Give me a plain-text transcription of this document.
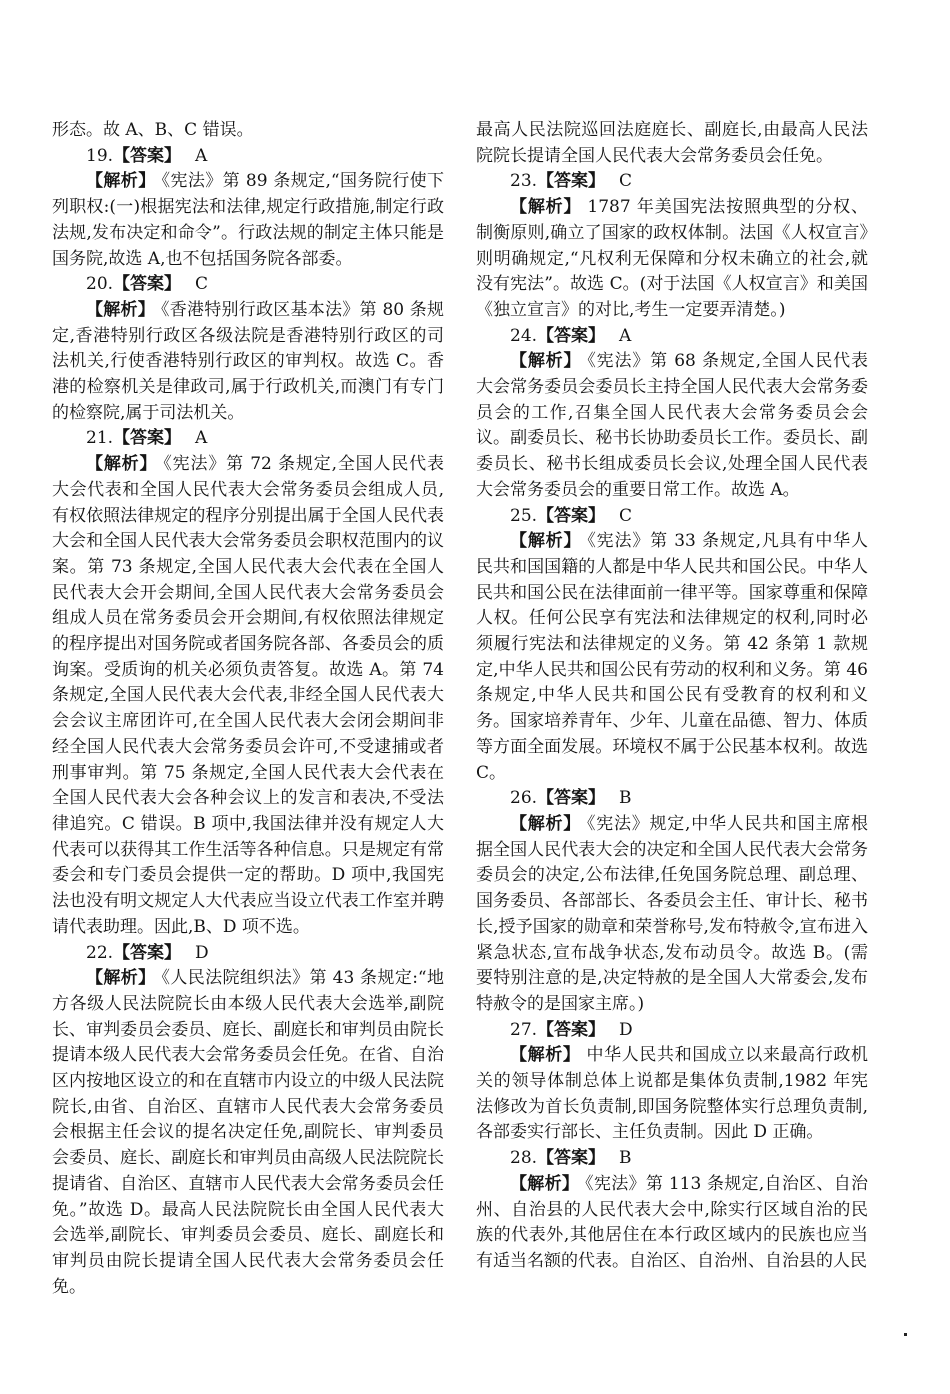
形态。故 A、B、C 错误。

19.【答案】 A

【解析】 《宪法》第 89 条规定,“国务院行使下列职权:(一)根据宪法和法律,规定行政措施,制定行政法规,发布决定和命令”。行政法规的制定主体只能是国务院,故选 A,也不包括国务院各部委。

20.【答案】 C

【解析】 《香港特别行政区基本法》第 80 条规定,香港特别行政区各级法院是香港特别行政区的司法机关,行使香港特别行政区的审判权。故选 C。香港的检察机关是律政司,属于行政机关,而澳门有专门的检察院,属于司法机关。

21.【答案】 A

【解析】 《宪法》第 72 条规定,全国人民代表大会代表和全国人民代表大会常务委员会组成人员,有权依照法律规定的程序分别提出属于全国人民代表大会和全国人民代表大会常务委员会职权范围内的议案。第 73 条规定,全国人民代表大会代表在全国人民代表大会开会期间,全国人民代表大会常务委员会组成人员在常务委员会开会期间,有权依照法律规定的程序提出对国务院或者国务院各部、各委员会的质询案。受质询的机关必须负责答复。故选 A。第 74 条规定,全国人民代表大会代表,非经全国人民代表大会会议主席团许可,在全国人民代表大会闭会期间非经全国人民代表大会常务委员会许可,不受逮捕或者刑事审判。第 75 条规定,全国人民代表大会代表在全国人民代表大会各种会议上的发言和表决,不受法律追究。C 错误。B 项中,我国法律并没有规定人大代表可以获得其工作生活等各种信息。只是规定有常委会和专门委员会提供一定的帮助。D 项中,我国宪法也没有明文规定人大代表应当设立代表工作室并聘请代表助理。因此,B、D 项不选。

22.【答案】 D

【解析】 《人民法院组织法》第 43 条规定:“地方各级人民法院院长由本级人民代表大会选举,副院长、审判委员会委员、庭长、副庭长和审判员由院长提请本级人民代表大会常务委员会任免。在省、自治区内按地区设立的和在直辖市内设立的中级人民法院院长,由省、自治区、直辖市人民代表大会常务委员会根据主任会议的提名决定任免,副院长、审判委员会委员、庭长、副庭长和审判员由高级人民法院院长提请省、自治区、直辖市人民代表大会常务委员会任免。”故选 D。最高人民法院院长由全国人民代表大会选举,副院长、审判委员会委员、庭长、副庭长和审判员由院长提请全国人民代表大会常务委员会任免。

最高人民法院巡回法庭庭长、副庭长,由最高人民法院院长提请全国人民代表大会常务委员会任免。

23.【答案】 C

【解析】 1787 年美国宪法按照典型的分权、制衡原则,确立了国家的政权体制。法国《人权宣言》则明确规定,“凡权利无保障和分权未确立的社会,就没有宪法”。故选 C。(对于法国《人权宣言》和美国《独立宣言》的对比,考生一定要弄清楚。)

24.【答案】 A

【解析】 《宪法》第 68 条规定,全国人民代表大会常务委员会委员长主持全国人民代表大会常务委员会的工作,召集全国人民代表大会常务委员会会议。副委员长、秘书长协助委员长工作。委员长、副委员长、秘书长组成委员长会议,处理全国人民代表大会常务委员会的重要日常工作。故选 A。

25.【答案】 C

【解析】 《宪法》第 33 条规定,凡具有中华人民共和国国籍的人都是中华人民共和国公民。中华人民共和国公民在法律面前一律平等。国家尊重和保障人权。任何公民享有宪法和法律规定的权利,同时必须履行宪法和法律规定的义务。第 42 条第 1 款规定,中华人民共和国公民有劳动的权利和义务。第 46 条规定,中华人民共和国公民有受教育的权利和义务。国家培养青年、少年、儿童在品德、智力、体质等方面全面发展。环境权不属于公民基本权利。故选 C。

26.【答案】 B

【解析】 《宪法》规定,中华人民共和国主席根据全国人民代表大会的决定和全国人民代表大会常务委员会的决定,公布法律,任免国务院总理、副总理、国务委员、各部部长、各委员会主任、审计长、秘书长,授予国家的勋章和荣誉称号,发布特赦令,宣布进入紧急状态,宣布战争状态,发布动员令。故选 B。(需要特别注意的是,决定特赦的是全国人大常委会,发布特赦令的是国家主席。)

27.【答案】 D

【解析】 中华人民共和国成立以来最高行政机关的领导体制总体上说都是集体负责制,1982 年宪法修改为首长负责制,即国务院整体实行总理负责制,各部委实行部长、主任负责制。因此 D 正确。

28.【答案】 B

【解析】 《宪法》第 113 条规定,自治区、自治州、自治县的人民代表大会中,除实行区域自治的民族的代表外,其他居住在本行政区域内的民族也应当有适当名额的代表。自治区、自治州、自治县的人民
